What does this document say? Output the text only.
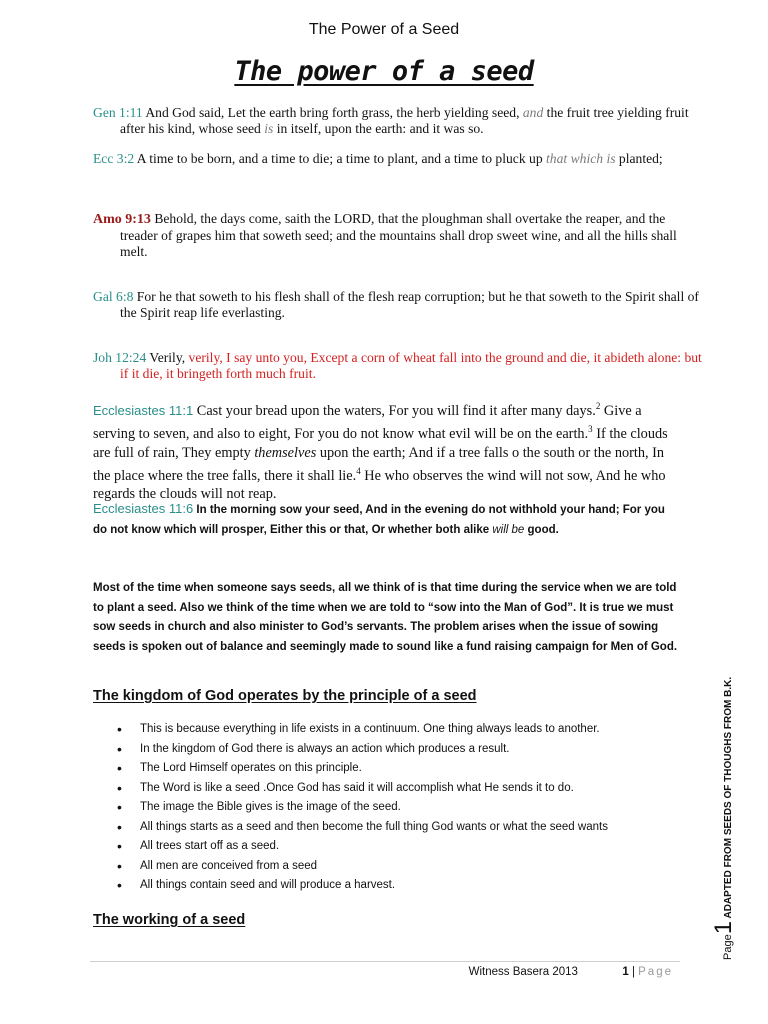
The Power of a Seed
The power of a seed
Gen 1:11 And God said, Let the earth bring forth grass, the herb yielding seed, and the fruit tree yielding fruit after his kind, whose seed is in itself, upon the earth: and it was so.
Ecc 3:2 A time to be born, and a time to die; a time to plant, and a time to pluck up that which is planted;
Amo 9:13 Behold, the days come, saith the LORD, that the ploughman shall overtake the reaper, and the treader of grapes him that soweth seed; and the mountains shall drop sweet wine, and all the hills shall melt.
Gal 6:8 For he that soweth to his flesh shall of the flesh reap corruption; but he that soweth to the Spirit shall of the Spirit reap life everlasting.
Joh 12:24 Verily, verily, I say unto you, Except a corn of wheat fall into the ground and die, it abideth alone: but if it die, it bringeth forth much fruit.
Ecclesiastes 11:1 Cast your bread upon the waters, For you will find it after many days.$^2$ Give a serving to seven, and also to eight, For you do not know what evil will be on the earth.$^3$ If the clouds are full of rain, They empty themselves upon the earth; And if a tree falls o the south or the north, In the place where the tree falls, there it shall lie.$^4$ He who observes the wind will not sow, And he who regards the clouds will not reap.
Ecclesiastes 11:6 In the morning sow your seed, And in the evening do not withhold your hand; For you do not know which will prosper, Either this or that, Or whether both alike will be good.
Most of the time when someone says seeds, all we think of is that time during the service when we are told to plant a seed. Also we think of the time when we are told to “sow into the Man of God”. It is true we must sow seeds in church and also minister to God’s servants. The problem arises when the issue of sowing seeds is spoken out of balance and seemingly made to sound like a fund raising campaign for Men of God.
The kingdom of God operates by the principle of a seed
• This is because everything in life exists in a continuum. One thing always leads to another.
• In the kingdom of God there is always an action which produces a result.
• The Lord Himself operates on this principle.
• The Word is like a seed .Once God has said it will accomplish what He sends it to do.
• The image the Bible gives is the image of the seed.
• All things starts as a seed and then become the full thing God wants or what the seed wants
• All trees start off as a seed.
• All men are conceived from a seed
• All things contain seed and will produce a harvest.
The working of a seed
Page1 ADAPTED FROM SEEDS OF THOUGHS FROM B.K.
Witness Basera 2013	1 | Page
